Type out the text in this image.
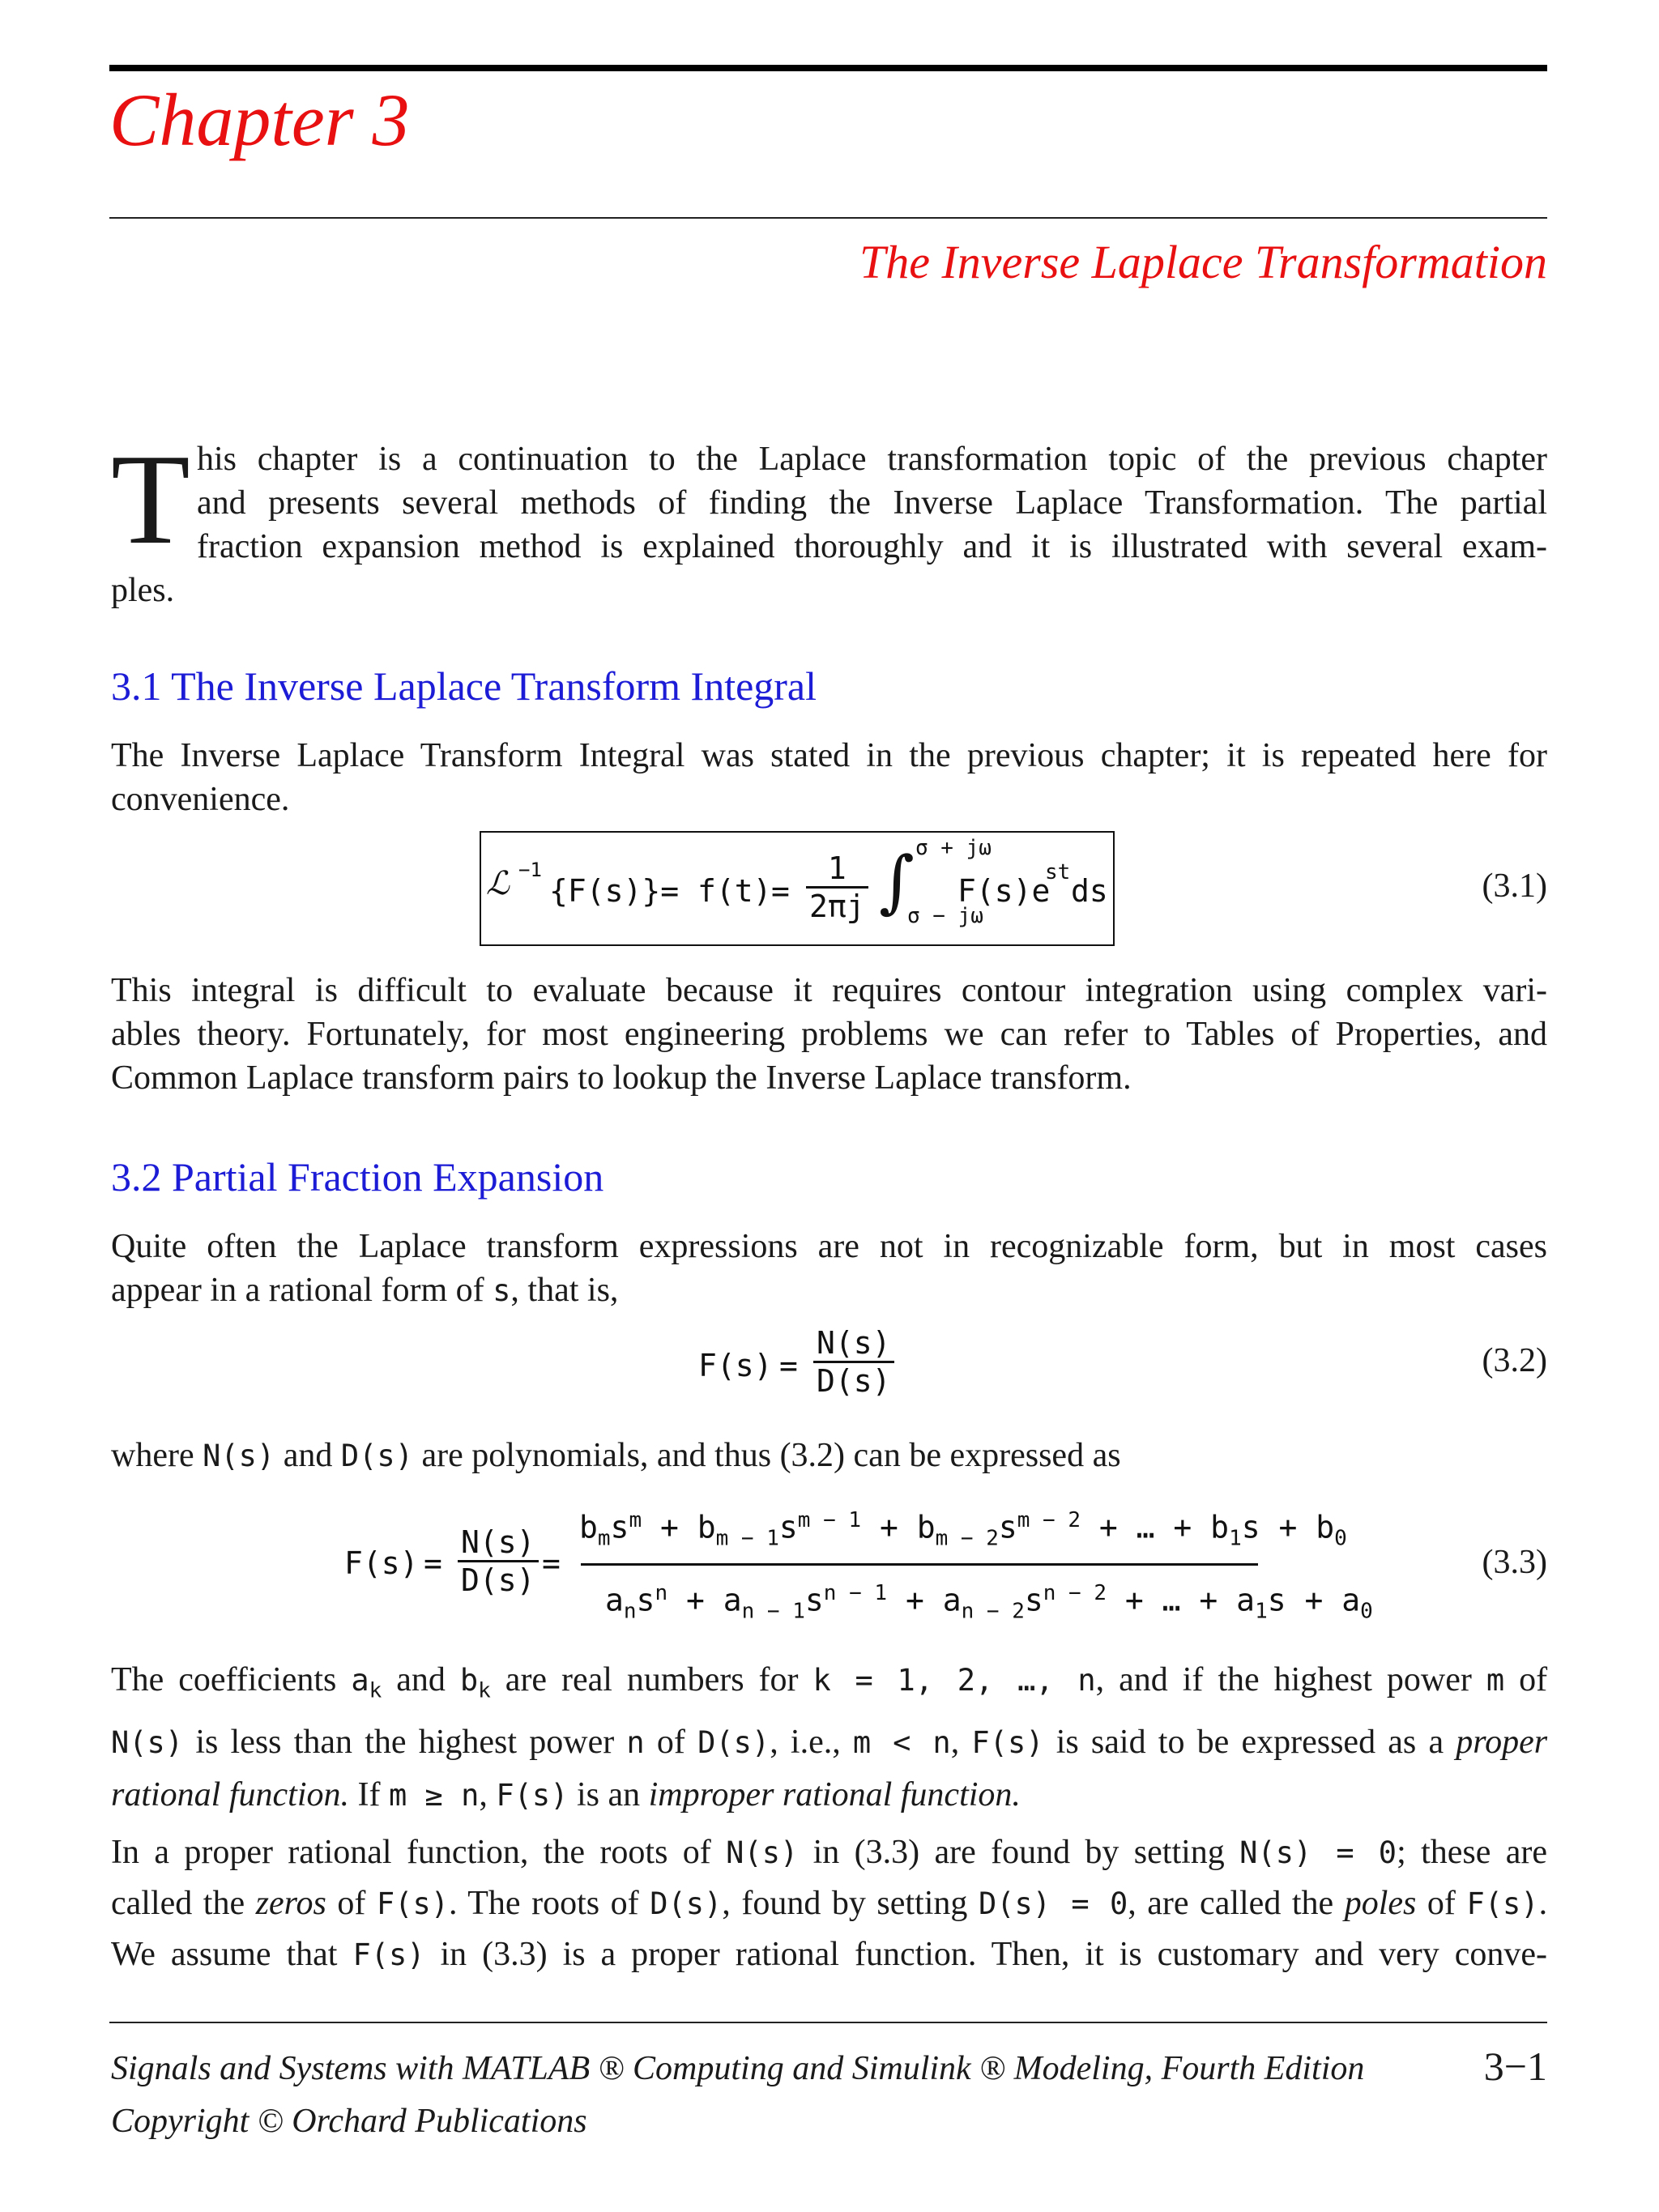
Chapter 3
The Inverse Laplace Transformation
T his chapter is a continuation to the Laplace transformation topic of the previous chapter
and presents several methods of finding the Inverse Laplace Transformation. The partial
fraction expansion method is explained thoroughly and it is illustrated with several exam-
ples.
3.1 The Inverse Laplace Transform Integral
The Inverse Laplace Transform Integral was stated in the previous chapter; it is repeated here for
convenience.
ℒ −1
$\{F(s)\}= f(t) = \frac{1}{2\pi j}$ ∫ σ + jω
σ − jω
F(s)e
st
ds	(3.1)
This integral is difficult to evaluate because it requires contour integration using complex vari-
ables theory. Fortunately, for most engineering problems we can refer to Tables of Properties, and
Common Laplace transform pairs to lookup the Inverse Laplace transform.
3.2 Partial Fraction Expansion
Quite often the Laplace transform expressions are not in recognizable form, but in most cases
appear in a rational form of s, that is,
$F(s) = \frac{N(s)}{D(s)}$	(3.2)
where N(s) and D(s) are polynomials, and thus (3.2) can be expressed as
$F(s) = \frac{N(s)}{D(s)}$ =
$b_ms^m + b_{m - 1}s^{m - 1} + b_{m - 2}s^{m - 2}$ + … + $b_1s + b_0$
$a_ns^n + a_{n - 1}s^{n - 1} + a_{n - 2}s^{n - 2}$ + … + $a_1s + a_0$
(3.3)
The coefficients $a_k$ and $b_k$ are real numbers for k = 1, 2, …, n, and if the highest power m of
N(s) is less than the highest power n of D(s), i.e., m < n, F(s) is said to be expressed as a proper
rational function. If m ≥ n, F(s) is an improper rational function.
In a proper rational function, the roots of N(s) in (3.3) are found by setting N(s) = 0; these are
called the zeros of F(s). The roots of D(s), found by setting D(s) = 0, are called the poles of F(s).
We assume that F(s) in (3.3) is a proper rational function. Then, it is customary and very conve-
Signals and Systems with MATLAB ® Computing and Simulink ® Modeling, Fourth Edition
Copyright © Orchard Publications
3−1
